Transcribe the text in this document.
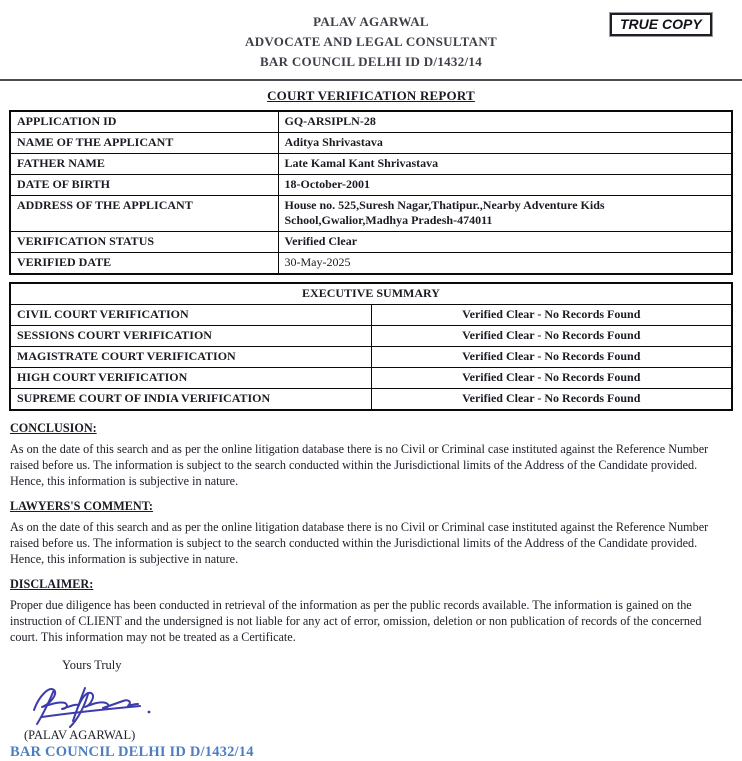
PALAV AGARWAL
ADVOCATE AND LEGAL CONSULTANT
BAR COUNCIL DELHI ID D/1432/14
TRUE COPY
COURT VERIFICATION REPORT
APPLICATION ID	GQ-ARSIPLN-28
NAME OF THE APPLICANT	Aditya Shrivastava
FATHER NAME	Late Kamal Kant Shrivastava
DATE OF BIRTH	18-October-2001
ADDRESS OF THE APPLICANT	House no. 525,Suresh Nagar,Thatipur.,Nearby Adventure Kids School,Gwalior,Madhya Pradesh-474011
VERIFICATION STATUS	Verified Clear
VERIFIED DATE	30-May-2025
EXECUTIVE SUMMARY	
CIVIL COURT VERIFICATION	Verified Clear - No Records Found
SESSIONS COURT VERIFICATION	Verified Clear - No Records Found
MAGISTRATE COURT VERIFICATION	Verified Clear - No Records Found
HIGH COURT VERIFICATION	Verified Clear - No Records Found
SUPREME COURT OF INDIA VERIFICATION	Verified Clear - No Records Found
CONCLUSION:
As on the date of this search and as per the online litigation database there is no Civil or Criminal case instituted against the Reference Number raised before us. The information is subject to the search conducted within the Jurisdictional limits of the Address of the Candidate provided. Hence, this information is subjective in nature.
LAWYERS'S COMMENT:
As on the date of this search and as per the online litigation database there is no Civil or Criminal case instituted against the Reference Number raised before us. The information is subject to the search conducted within the Jurisdictional limits of the Address of the Candidate provided. Hence, this information is subjective in nature.
DISCLAIMER:
Proper due diligence has been conducted in retrieval of the information as per the public records available. The information is gained on the instruction of CLIENT and the undersigned is not liable for any act of error, omission, deletion or non publication of records of the concerned court. This information may not be treated as a Certificate.
Yours Truly
(PALAV AGARWAL)
BAR COUNCIL DELHI ID D/1432/14
